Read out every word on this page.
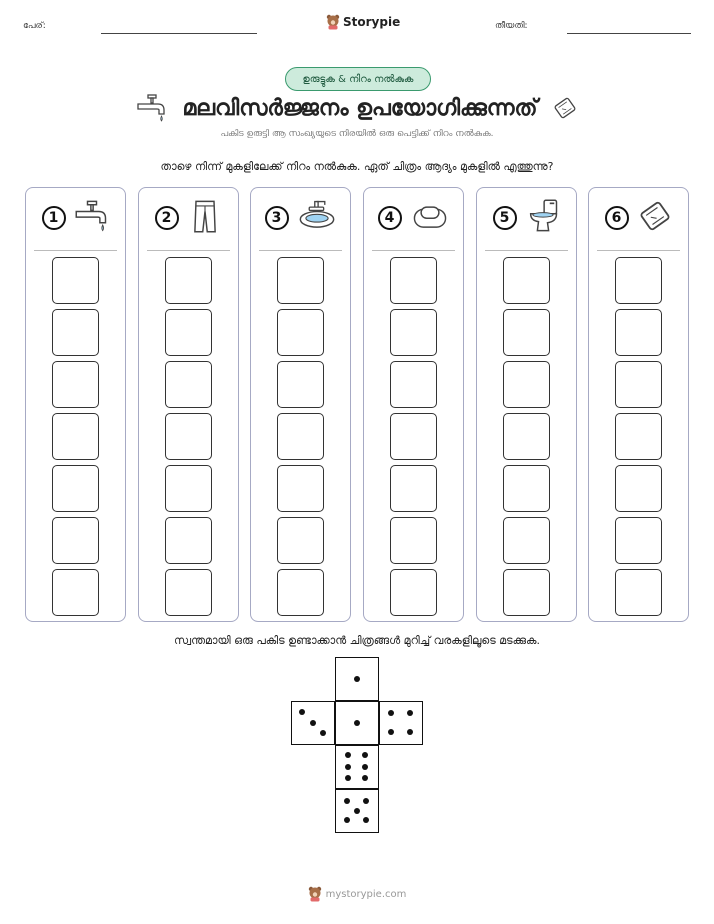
പേര്:	Storypie	തീയതി:
ഉരുട്ടുക & നിറം നൽകുക
മലവിസർജ്ജനം ഉപയോഗിക്കുന്നത്
പകിട ഉരുട്ടി ആ സംഖ്യയുടെ നിരയിൽ ഒരു പെട്ടിക്ക് നിറം നൽകുക.
താഴെ നിന്ന് മുകളിലേക്ക് നിറം നൽകുക. ഏത് ചിത്രം ആദ്യം മുകളിൽ എത്തുന്നു?
1	2	3	4	5	6
സ്വന്തമായി ഒരു പകിട ഉണ്ടാക്കാൻ ചിത്രങ്ങൾ മുറിച്ച് വരകളിലൂടെ മടക്കുക.
mystorypie.com
